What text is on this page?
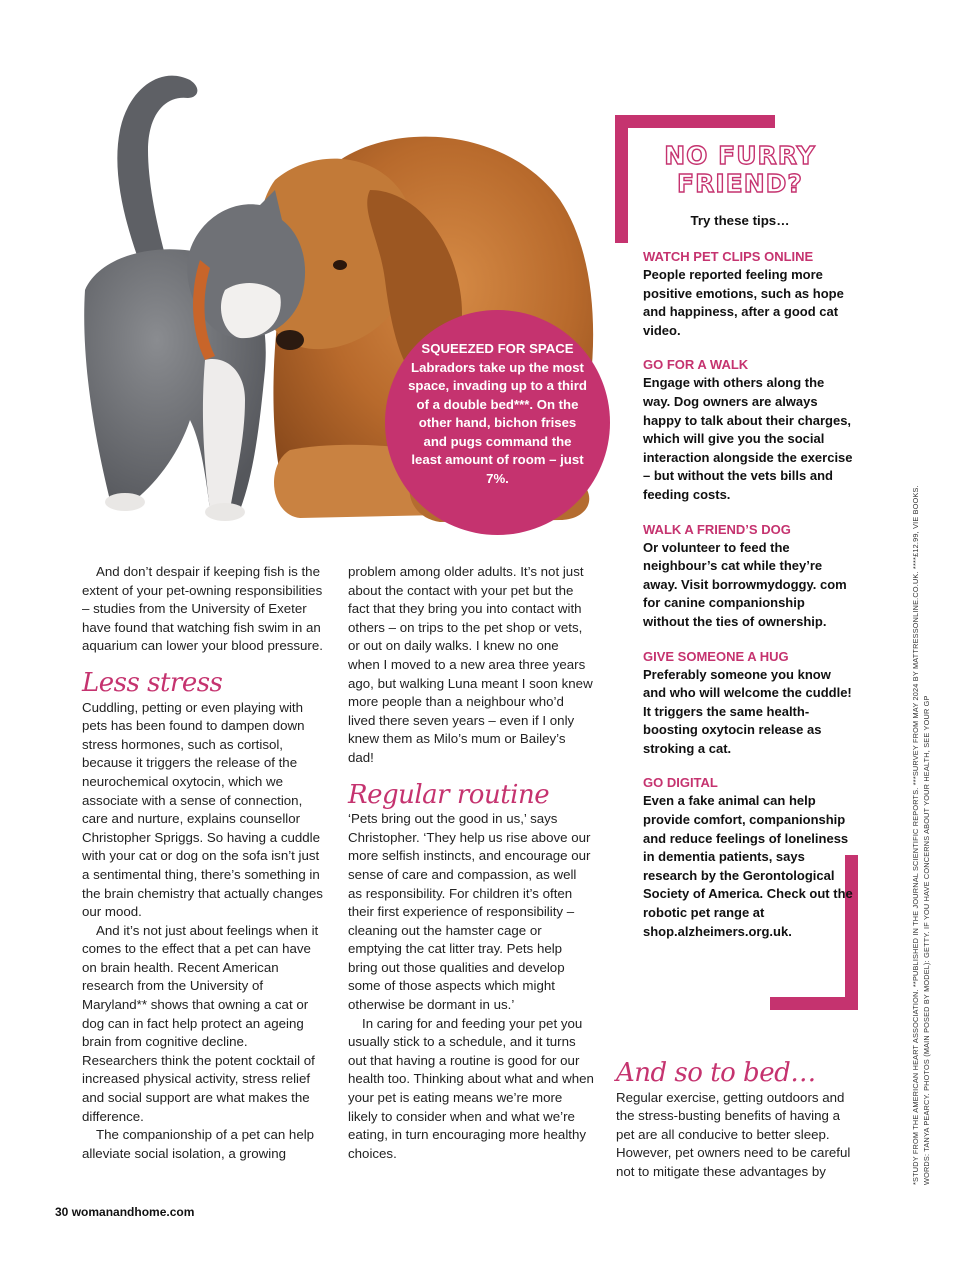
SQUEEZED FOR SPACE
Labradors take up the most space, invading up to a third of a double bed***. On the other hand, bichon frises and pugs command the least amount of room – just 7%.

And don’t despair if keeping fish is the extent of your pet-owning responsibilities – studies from the University of Exeter have found that watching fish swim in an aquarium can lower your blood pressure.

Less stress

Cuddling, petting or even playing with pets has been found to dampen down stress hormones, such as cortisol, because it triggers the release of the neurochemical oxytocin, which we associate with a sense of connection, care and nurture, explains counsellor Christopher Spriggs. So having a cuddle with your cat or dog on the sofa isn’t just a sentimental thing, there’s something in the brain chemistry that actually changes our mood.

And it’s not just about feelings when it comes to the effect that a pet can have on brain health. Recent American research from the University of Maryland** shows that owning a cat or dog can in fact help protect an ageing brain from cognitive decline. Researchers think the potent cocktail of increased physical activity, stress relief and social support are what makes the difference.

The companionship of a pet can help alleviate social isolation, a growing

problem among older adults. It’s not just about the contact with your pet but the fact that they bring you into contact with others – on trips to the pet shop or vets, or out on daily walks. I knew no one when I moved to a new area three years ago, but walking Luna meant I soon knew more people than a neighbour who’d lived there seven years – even if I only knew them as Milo’s mum or Bailey’s dad!

Regular routine

‘Pets bring out the good in us,’ says Christopher. ‘They help us rise above our more selfish instincts, and encourage our sense of care and compassion, as well as responsibility. For children it’s often their first experience of responsibility – cleaning out the hamster cage or emptying the cat litter tray. Pets help bring out those qualities and develop some of those aspects which might otherwise be dormant in us.’

In caring for and feeding your pet you usually stick to a schedule, and it turns out that having a routine is good for our health too. Thinking about what and when your pet is eating means we’re more likely to consider when and what we’re eating, in turn encouraging more healthy choices.

NO FURRY
FRIEND?
Try these tips…
WATCH PET CLIPS ONLINE
People reported feeling more positive emotions, such as hope and happiness, after a good cat video.
GO FOR A WALK
Engage with others along the way. Dog owners are always happy to talk about their charges, which will give you the social interaction alongside the exercise – but without the vets bills and feeding costs.
WALK A FRIEND’S DOG
Or volunteer to feed the neighbour’s cat while they’re away. Visit borrowmydoggy. com for canine companionship without the ties of ownership.
GIVE SOMEONE A HUG
Preferably someone you know and who will welcome the cuddle! It triggers the same health-boosting oxytocin release as stroking a cat.
GO DIGITAL
Even a fake animal can help provide comfort, companionship and reduce feelings of loneliness in dementia patients, says research by the Gerontological Society of America. Check out the robotic pet range at shop.alzheimers.org.uk.
And so to bed…

Regular exercise, getting outdoors and the stress-busting benefits of having a pet are all conducive to better sleep. However, pet owners need to be careful not to mitigate these advantages by	*STUDY FROM THE AMERICAN HEART ASSOCIATION. **PUBLISHED IN THE JOURNAL SCIENTIFIC REPORTS. ***SURVEY FROM MAY 2024 BY MATTRESSONLINE.CO.UK. ****£12.99, VIE BOOKS. WORDS: TANYA PEARCY. PHOTOS (MAIN POSED BY MODEL): GETTY. IF YOU HAVE CONCERNS ABOUT YOUR HEALTH, SEE YOUR GP
30 womanandhome.com
